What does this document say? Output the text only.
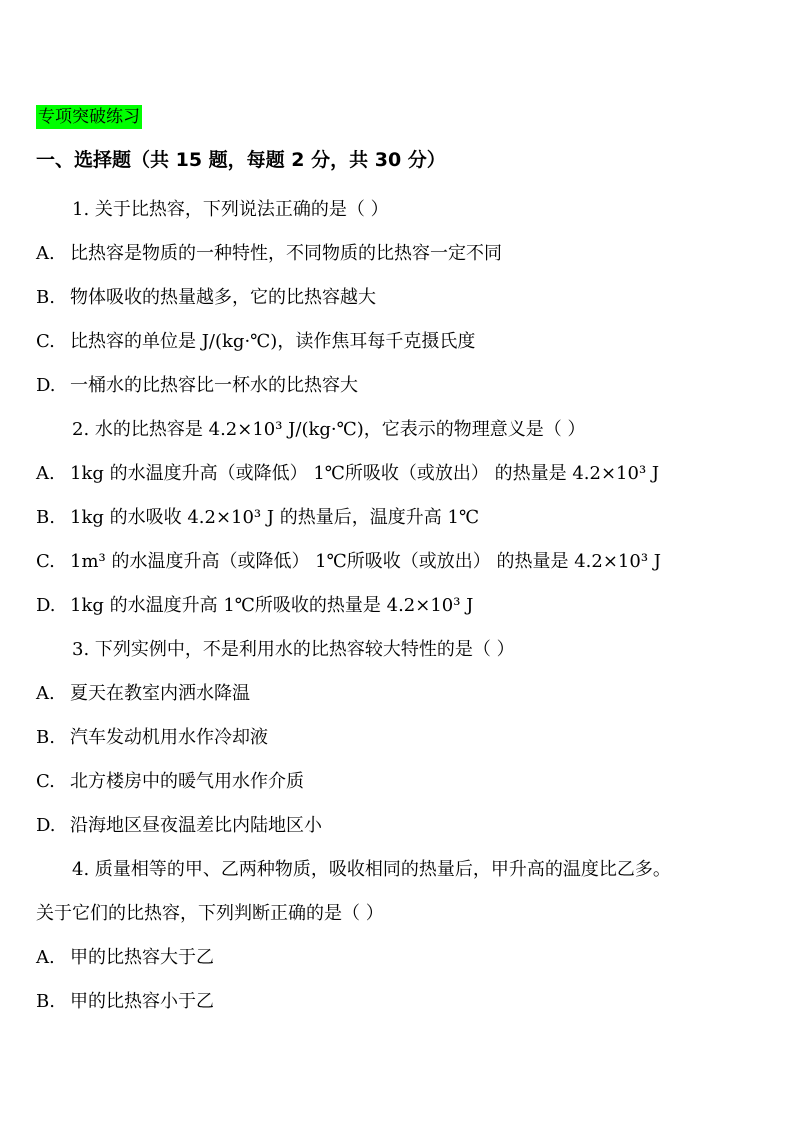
专项突破练习
一、选择题（共 15 题，每题 2 分，共 30 分）
1. 关于比热容，下列说法正确的是（ ）
A. 比热容是物质的一种特性，不同物质的比热容一定不同
B. 物体吸收的热量越多，它的比热容越大
C. 比热容的单位是 J/(kg·℃)，读作焦耳每千克摄氏度
D. 一桶水的比热容比一杯水的比热容大
2. 水的比热容是 4.2×10³ J/(kg·℃)，它表示的物理意义是（ ）
A. 1kg 的水温度升高（或降低） 1℃所吸收（或放出） 的热量是 4.2×10³ J
B. 1kg 的水吸收 4.2×10³ J 的热量后，温度升高 1℃
C. 1m³ 的水温度升高（或降低） 1℃所吸收（或放出） 的热量是 4.2×10³ J
D. 1kg 的水温度升高 1℃所吸收的热量是 4.2×10³ J
3. 下列实例中，不是利用水的比热容较大特性的是（ ）
A. 夏天在教室内洒水降温
B. 汽车发动机用水作冷却液
C. 北方楼房中的暖气用水作介质
D. 沿海地区昼夜温差比内陆地区小
4. 质量相等的甲、乙两种物质，吸收相同的热量后，甲升高的温度比乙多。
关于它们的比热容，下列判断正确的是（ ）
A. 甲的比热容大于乙
B. 甲的比热容小于乙
